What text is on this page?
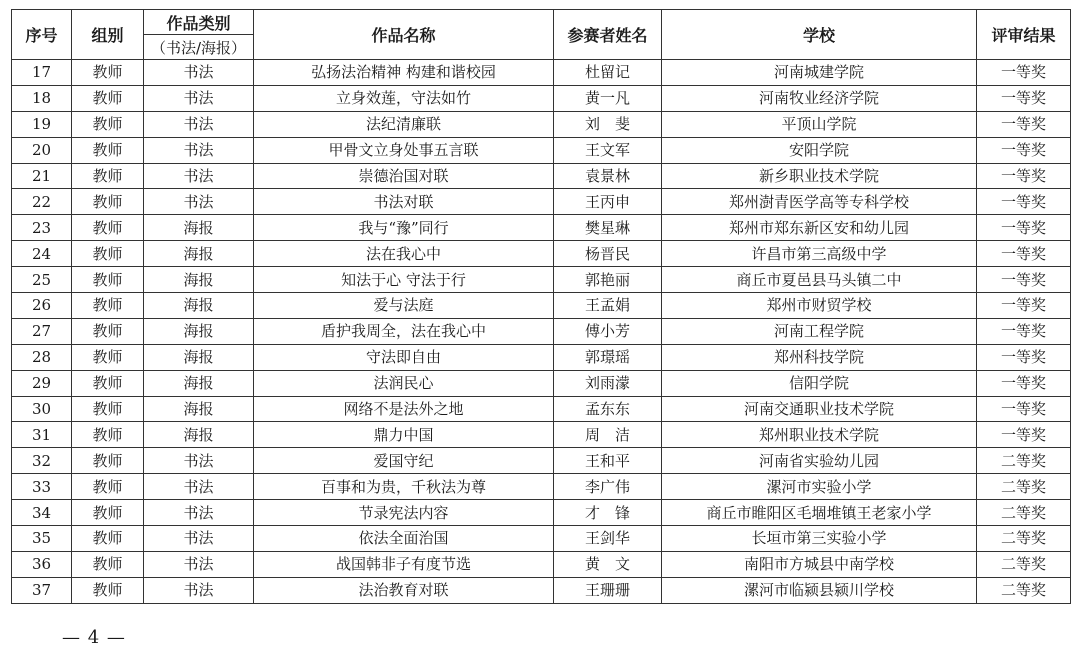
序号	组别	作品类别	作品名称	参赛者姓名	学校	评审结果
		（书法/海报）				
17	教师	书法	弘扬法治精神 构建和谐校园	杜留记	河南城建学院	一等奖
18	教师	书法	立身效莲，守法如竹	黄一凡	河南牧业经济学院	一等奖
19	教师	书法	法纪清廉联	刘　斐	平顶山学院	一等奖
20	教师	书法	甲骨文立身处事五言联	王文军	安阳学院	一等奖
21	教师	书法	崇德治国对联	袁景林	新乡职业技术学院	一等奖
22	教师	书法	书法对联	王丙申	郑州澍青医学高等专科学校	一等奖
23	教师	海报	我与“豫”同行	樊星琳	郑州市郑东新区安和幼儿园	一等奖
24	教师	海报	法在我心中	杨晋民	许昌市第三高级中学	一等奖
25	教师	海报	知法于心 守法于行	郭艳丽	商丘市夏邑县马头镇二中	一等奖
26	教师	海报	爱与法庭	王孟娟	郑州市财贸学校	一等奖
27	教师	海报	盾护我周全，法在我心中	傅小芳	河南工程学院	一等奖
28	教师	海报	守法即自由	郭璟瑶	郑州科技学院	一等奖
29	教师	海报	法润民心	刘雨濛	信阳学院	一等奖
30	教师	海报	网络不是法外之地	孟东东	河南交通职业技术学院	一等奖
31	教师	海报	鼎力中国	周　洁	郑州职业技术学院	一等奖
32	教师	书法	爱国守纪	王和平	河南省实验幼儿园	二等奖
33	教师	书法	百事和为贵，千秋法为尊	李广伟	漯河市实验小学	二等奖
34	教师	书法	节录宪法内容	才　锋	商丘市睢阳区毛堌堆镇王老家小学	二等奖
35	教师	书法	依法全面治国	王剑华	长垣市第三实验小学	二等奖
36	教师	书法	战国韩非子有度节选	黄　文	南阳市方城县中南学校	二等奖
37	教师	书法	法治教育对联	王珊珊	漯河市临颍县颍川学校	二等奖
— 4 —
